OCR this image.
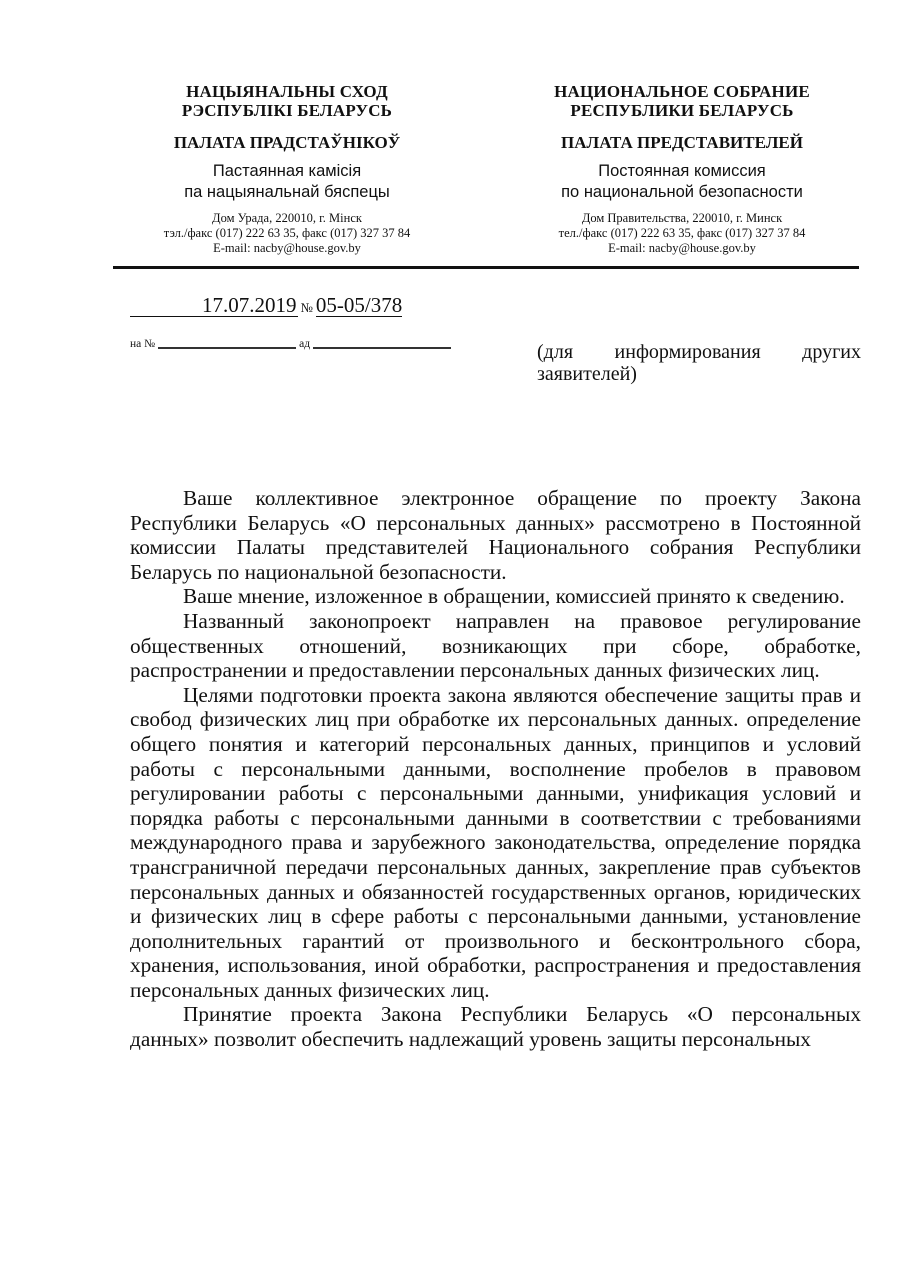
НАЦЫЯНАЛЬНЫ СХОД
РЭСПУБЛІКІ БЕЛАРУСЬ
ПАЛАТА ПРАДСТАЎНІКОЎ
Пастаянная камісія
па нацыянальнай бяспецы
Дом Урада, 220010, г. Мінск
тэл./факс (017) 222 63 35, факс (017) 327 37 84
E-mail: nacby@house.gov.by
НАЦИОНАЛЬНОЕ СОБРАНИЕ
РЕСПУБЛИКИ БЕЛАРУСЬ
ПАЛАТА ПРЕДСТАВИТЕЛЕЙ
Постоянная комиссия
по национальной безопасности
Дом Правительства, 220010, г. Минск
тел./факс (017) 222 63 35, факс (017) 327 37 84
E-mail: nacby@house.gov.by
17.07.2019 № 05-05/378
на №	ад	(для информирования других
заявителей)

Ваше коллективное электронное обращение по проекту Закона Республики Беларусь «О персональных данных» рассмотрено в Постоянной комиссии Палаты представителей Национального собрания Республики Беларусь по национальной безопасности.

Ваше мнение, изложенное в обращении, комиссией принято к сведению.

Названный законопроект направлен на правовое регулирование общественных отношений, возникающих при сборе, обработке, распространении и предоставлении персональных данных физических лиц.

Целями подготовки проекта закона являются обеспечение защиты прав и свобод физических лиц при обработке их персональных данных. определение общего понятия и категорий персональных данных, принципов и условий работы с персональными данными, восполнение пробелов в правовом регулировании работы с персональными данными, унификация условий и порядка работы с персональными данными в соответствии с требованиями международного права и зарубежного законодательства, определение порядка трансграничной передачи персональных данных, закрепление прав субъектов персональных данных и обязанностей государственных органов, юридических и физических лиц в сфере работы с персональными данными, установление дополнительных гарантий от произвольного и бесконтрольного сбора, хранения, использования, иной обработки, распространения и предоставления персональных данных физических лиц.

Принятие проекта Закона Республики Беларусь «О персональных данных» позволит обеспечить надлежащий уровень защиты персональных
